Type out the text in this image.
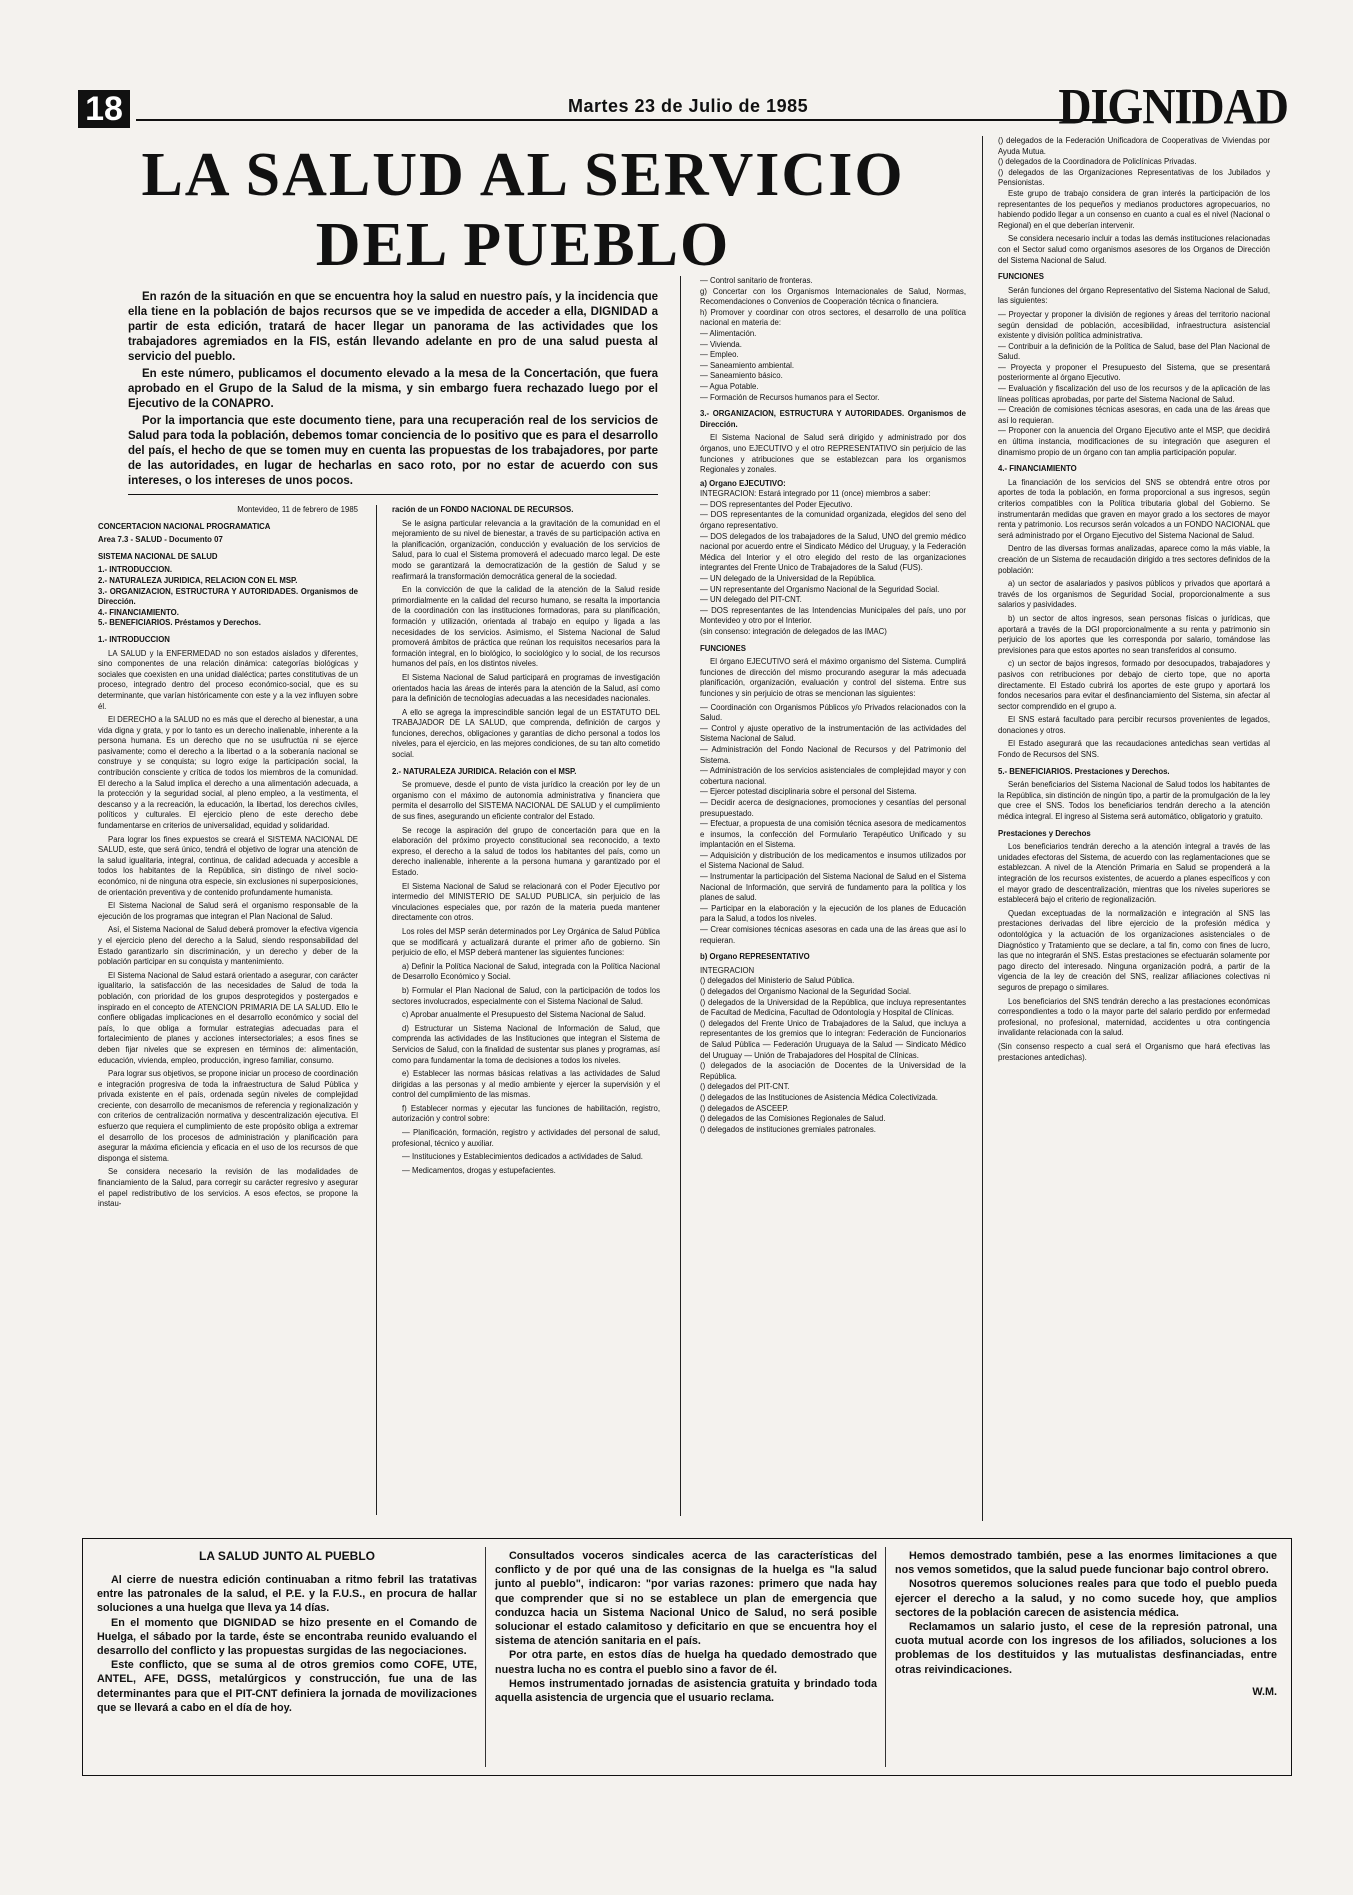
18	Martes 23 de Julio de 1985	DIGNIDAD
LA SALUD AL SERVICIO DEL PUEBLO

En razón de la situación en que se encuentra hoy la salud en nuestro país, y la incidencia que ella tiene en la población de bajos recursos que se ve impedida de acceder a ella, DIGNIDAD a partir de esta edición, tratará de hacer llegar un panorama de las actividades que los trabajadores agremiados en la FIS, están llevando adelante en pro de una salud puesta al servicio del pueblo.

En este número, publicamos el documento elevado a la mesa de la Concertación, que fuera aprobado en el Grupo de la Salud de la misma, y sin embargo fuera rechazado luego por el Ejecutivo de la CONAPRO.

Por la importancia que este documento tiene, para una recuperación real de los servicios de Salud para toda la población, debemos tomar conciencia de lo positivo que es para el desarrollo del país, el hecho de que se tomen muy en cuenta las propuestas de los trabajadores, por parte de las autoridades, en lugar de hecharlas en saco roto, por no estar de acuerdo con sus intereses, o los intereses de unos pocos.

Montevideo, 11 de febrero de 1985

CONCERTACION NACIONAL PROGRAMATICA

Area 7.3 - SALUD - Documento 07

SISTEMA NACIONAL DE SALUD

1.- INTRODUCCION.

2.- NATURALEZA JURIDICA, RELACION CON EL MSP.

3.- ORGANIZACION, ESTRUCTURA Y AUTORIDADES. Organismos de Dirección.

4.- FINANCIAMIENTO.

5.- BENEFICIARIOS. Préstamos y Derechos.

1.- INTRODUCCION

LA SALUD y la ENFERMEDAD no son estados aislados y diferentes, sino componentes de una relación dinámica: categorías biológicas y sociales que coexisten en una unidad dialéctica; partes constitutivas de un proceso, integrado dentro del proceso económico-social, que es su determinante, que varían históricamente con este y a la vez influyen sobre él.

El DERECHO a la SALUD no es más que el derecho al bienestar, a una vida digna y grata, y por lo tanto es un derecho inalienable, inherente a la persona humana. Es un derecho que no se usufructúa ni se ejerce pasivamente; como el derecho a la libertad o a la soberanía nacional se construye y se conquista; su logro exige la participación social, la contribución consciente y crítica de todos los miembros de la comunidad. El derecho a la Salud implica el derecho a una alimentación adecuada, a la protección y la seguridad social, al pleno empleo, a la vestimenta, el descanso y a la recreación, la educación, la libertad, los derechos civiles, políticos y culturales. El ejercicio pleno de este derecho debe fundamentarse en criterios de universalidad, equidad y solidaridad.

Para lograr los fines expuestos se creará el SISTEMA NACIONAL DE SALUD, este, que será único, tendrá el objetivo de lograr una atención de la salud igualitaria, integral, continua, de calidad adecuada y accesible a todos los habitantes de la República, sin distingo de nivel socio-económico, ni de ninguna otra especie, sin exclusiones ni superposiciones, de orientación preventiva y de contenido profundamente humanista.

El Sistema Nacional de Salud será el organismo responsable de la ejecución de los programas que integran el Plan Nacional de Salud.

Así, el Sistema Nacional de Salud deberá promover la efectiva vigencia y el ejercicio pleno del derecho a la Salud, siendo responsabilidad del Estado garantizarlo sin discriminación, y un derecho y deber de la población participar en su conquista y mantenimiento.

El Sistema Nacional de Salud estará orientado a asegurar, con carácter igualitario, la satisfacción de las necesidades de Salud de toda la población, con prioridad de los grupos desprotegidos y postergados e inspirado en el concepto de ATENCION PRIMARIA DE LA SALUD. Ello le confiere obligadas implicaciones en el desarrollo económico y social del país, lo que obliga a formular estrategias adecuadas para el fortalecimiento de planes y acciones intersectoriales; a esos fines se deben fijar niveles que se expresen en términos de: alimentación, educación, vivienda, empleo, producción, ingreso familiar, consumo.

Para lograr sus objetivos, se propone iniciar un proceso de coordinación e integración progresiva de toda la infraestructura de Salud Pública y privada existente en el país, ordenada según niveles de complejidad creciente, con desarrollo de mecanismos de referencia y regionalización y con criterios de centralización normativa y descentralización ejecutiva. El esfuerzo que requiera el cumplimiento de este propósito obliga a extremar el desarrollo de los procesos de administración y planificación para asegurar la máxima eficiencia y eficacia en el uso de los recursos de que disponga el sistema.

Se considera necesario la revisión de las modalidades de financiamiento de la Salud, para corregir su carácter regresivo y asegurar el papel redistributivo de los servicios. A esos efectos, se propone la instau-

ración de un FONDO NACIONAL DE RECURSOS.

Se le asigna particular relevancia a la gravitación de la comunidad en el mejoramiento de su nivel de bienestar, a través de su participación activa en la planificación, organización, conducción y evaluación de los servicios de Salud, para lo cual el Sistema promoverá el adecuado marco legal. De este modo se garantizará la democratización de la gestión de Salud y se reafirmará la transformación democrática general de la sociedad.

En la convicción de que la calidad de la atención de la Salud reside primordialmente en la calidad del recurso humano, se resalta la importancia de la coordinación con las instituciones formadoras, para su planificación, formación y utilización, orientada al trabajo en equipo y ligada a las necesidades de los servicios. Asimismo, el Sistema Nacional de Salud promoverá ámbitos de práctica que reúnan los requisitos necesarios para la formación integral, en lo biológico, lo sociológico y lo social, de los recursos humanos del país, en los distintos niveles.

El Sistema Nacional de Salud participará en programas de investigación orientados hacia las áreas de interés para la atención de la Salud, así como para la definición de tecnologías adecuadas a las necesidades nacionales.

A ello se agrega la imprescindible sanción legal de un ESTATUTO DEL TRABAJADOR DE LA SALUD, que comprenda, definición de cargos y funciones, derechos, obligaciones y garantías de dicho personal a todos los niveles, para el ejercicio, en las mejores condiciones, de su tan alto cometido social.

2.- NATURALEZA JURIDICA. Relación con el MSP.

Se promueve, desde el punto de vista jurídico la creación por ley de un organismo con el máximo de autonomía administrativa y financiera que permita el desarrollo del SISTEMA NACIONAL DE SALUD y el cumplimiento de sus fines, asegurando un eficiente contralor del Estado.

Se recoge la aspiración del grupo de concertación para que en la elaboración del próximo proyecto constitucional sea reconocido, a texto expreso, el derecho a la salud de todos los habitantes del país, como un derecho inalienable, inherente a la persona humana y garantizado por el Estado.

El Sistema Nacional de Salud se relacionará con el Poder Ejecutivo por intermedio del MINISTERIO DE SALUD PUBLICA, sin perjuicio de las vinculaciones especiales que, por razón de la materia pueda mantener directamente con otros.

Los roles del MSP serán determinados por Ley Orgánica de Salud Pública que se modificará y actualizará durante el primer año de gobierno. Sin perjuicio de ello, el MSP deberá mantener las siguientes funciones:

a) Definir la Política Nacional de Salud, integrada con la Política Nacional de Desarrollo Económico y Social.

b) Formular el Plan Nacional de Salud, con la participación de todos los sectores involucrados, especialmente con el Sistema Nacional de Salud.

c) Aprobar anualmente el Presupuesto del Sistema Nacional de Salud.

d) Estructurar un Sistema Nacional de Información de Salud, que comprenda las actividades de las Instituciones que integran el Sistema de Servicios de Salud, con la finalidad de sustentar sus planes y programas, así como para fundamentar la toma de decisiones a todos los niveles.

e) Establecer las normas básicas relativas a las actividades de Salud dirigidas a las personas y al medio ambiente y ejercer la supervisión y el control del cumplimiento de las mismas.

f) Establecer normas y ejecutar las funciones de habilitación, registro, autorización y control sobre:

— Planificación, formación, registro y actividades del personal de salud, profesional, técnico y auxiliar.

— Instituciones y Establecimientos dedicados a actividades de Salud.

— Medicamentos, drogas y estupefacientes.

— Control sanitario de fronteras.

g) Concertar con los Organismos Internacionales de Salud, Normas, Recomendaciones o Convenios de Cooperación técnica o financiera.

h) Promover y coordinar con otros sectores, el desarrollo de una política nacional en materia de:

— Alimentación.

— Vivienda.

— Empleo.

— Saneamiento ambiental.

— Saneamiento básico.

— Agua Potable.

— Formación de Recursos humanos para el Sector.

3.- ORGANIZACION, ESTRUCTURA Y AUTORIDADES. Organismos de Dirección.

El Sistema Nacional de Salud será dirigido y administrado por dos órganos, uno EJECUTIVO y el otro REPRESENTATIVO sin perjuicio de las funciones y atribuciones que se establezcan para los organismos Regionales y zonales.

a) Organo EJECUTIVO:

INTEGRACION: Estará integrado por 11 (once) miembros a saber:

— DOS representantes del Poder Ejecutivo.

— DOS representantes de la comunidad organizada, elegidos del seno del órgano representativo.

— DOS delegados de los trabajadores de la Salud, UNO del gremio médico nacional por acuerdo entre el Sindicato Médico del Uruguay, y la Federación Médica del Interior y el otro elegido del resto de las organizaciones integrantes del Frente Unico de Trabajadores de la Salud (FUS).

— UN delegado de la Universidad de la República.

— UN representante del Organismo Nacional de la Seguridad Social.

— UN delegado del PIT-CNT.

— DOS representantes de las Intendencias Municipales del país, uno por Montevideo y otro por el Interior.

(sin consenso: integración de delegados de las IMAC)

FUNCIONES

El órgano EJECUTIVO será el máximo organismo del Sistema. Cumplirá funciones de dirección del mismo procurando asegurar la más adecuada planificación, organización, evaluación y control del sistema. Entre sus funciones y sin perjuicio de otras se mencionan las siguientes:

— Coordinación con Organismos Públicos y/o Privados relacionados con la Salud.

— Control y ajuste operativo de la instrumentación de las actividades del Sistema Nacional de Salud.

— Administración del Fondo Nacional de Recursos y del Patrimonio del Sistema.

— Administración de los servicios asistenciales de complejidad mayor y con cobertura nacional.

— Ejercer potestad disciplinaria sobre el personal del Sistema.

— Decidir acerca de designaciones, promociones y cesantías del personal presupuestado.

— Efectuar, a propuesta de una comisión técnica asesora de medicamentos e insumos, la confección del Formulario Terapéutico Unificado y su implantación en el Sistema.

— Adquisición y distribución de los medicamentos e insumos utilizados por el Sistema Nacional de Salud.

— Instrumentar la participación del Sistema Nacional de Salud en el Sistema Nacional de Información, que servirá de fundamento para la política y los planes de salud.

— Participar en la elaboración y la ejecución de los planes de Educación para la Salud, a todos los niveles.

— Crear comisiones técnicas asesoras en cada una de las áreas que así lo requieran.

b) Organo REPRESENTATIVO

INTEGRACION

() delegados del Ministerio de Salud Pública.

() delegados del Organismo Nacional de la Seguridad Social.

() delegados de la Universidad de la República, que incluya representantes de Facultad de Medicina, Facultad de Odontología y Hospital de Clínicas.

() delegados del Frente Unico de Trabajadores de la Salud, que incluya a representantes de los gremios que lo integran: Federación de Funcionarios de Salud Pública — Federación Uruguaya de la Salud — Sindicato Médico del Uruguay — Unión de Trabajadores del Hospital de Clínicas.

() delegados de la asociación de Docentes de la Universidad de la República.

() delegados del PIT-CNT.

() delegados de las Instituciones de Asistencia Médica Colectivizada.

() delegados de ASCEEP.

() delegados de las Comisiones Regionales de Salud.

() delegados de instituciones gremiales patronales.

() delegados de la Federación Unificadora de Cooperativas de Viviendas por Ayuda Mutua.

() delegados de la Coordinadora de Policlínicas Privadas.

() delegados de las Organizaciones Representativas de los Jubilados y Pensionistas.

Este grupo de trabajo considera de gran interés la participación de los representantes de los pequeños y medianos productores agropecuarios, no habiendo podido llegar a un consenso en cuanto a cual es el nivel (Nacional o Regional) en el que deberían intervenir.

Se considera necesario incluir a todas las demás instituciones relacionadas con el Sector salud como organismos asesores de los Organos de Dirección del Sistema Nacional de Salud.

FUNCIONES

Serán funciones del órgano Representativo del Sistema Nacional de Salud, las siguientes:

— Proyectar y proponer la división de regiones y áreas del territorio nacional según densidad de población, accesibilidad, infraestructura asistencial existente y división política administrativa.

— Contribuir a la definición de la Política de Salud, base del Plan Nacional de Salud.

— Proyecta y proponer el Presupuesto del Sistema, que se presentará posteriormente al órgano Ejecutivo.

— Evaluación y fiscalización del uso de los recursos y de la aplicación de las líneas políticas aprobadas, por parte del Sistema Nacional de Salud.

— Creación de comisiones técnicas asesoras, en cada una de las áreas que así lo requieran.

— Proponer con la anuencia del Organo Ejecutivo ante el MSP, que decidirá en última instancia, modificaciones de su integración que aseguren el dinamismo propio de un órgano con tan amplia participación popular.

4.- FINANCIAMIENTO

La financiación de los servicios del SNS se obtendrá entre otros por aportes de toda la población, en forma proporcional a sus ingresos, según criterios compatibles con la Política tributaria global del Gobierno. Se instrumentarán medidas que graven en mayor grado a los sectores de mayor renta y patrimonio. Los recursos serán volcados a un FONDO NACIONAL que será administrado por el Organo Ejecutivo del Sistema Nacional de Salud.

Dentro de las diversas formas analizadas, aparece como la más viable, la creación de un Sistema de recaudación dirigido a tres sectores definidos de la población:

a) un sector de asalariados y pasivos públicos y privados que aportará a través de los organismos de Seguridad Social, proporcionalmente a sus salarios y pasividades.

b) un sector de altos ingresos, sean personas físicas o jurídicas, que aportará a través de la DGI proporcionalmente a su renta y patrimonio sin perjuicio de los aportes que les corresponda por salario, tomándose las previsiones para que estos aportes no sean transferidos al consumo.

c) un sector de bajos ingresos, formado por desocupados, trabajadores y pasivos con retribuciones por debajo de cierto tope, que no aporta directamente. El Estado cubrirá los aportes de este grupo y aportará los fondos necesarios para evitar el desfinanciamiento del Sistema, sin afectar al sector comprendido en el grupo a.

El SNS estará facultado para percibir recursos provenientes de legados, donaciones y otros.

El Estado asegurará que las recaudaciones antedichas sean vertidas al Fondo de Recursos del SNS.

5.- BENEFICIARIOS. Prestaciones y Derechos.

Serán beneficiarios del Sistema Nacional de Salud todos los habitantes de la República, sin distinción de ningún tipo, a partir de la promulgación de la ley que cree el SNS. Todos los beneficiarios tendrán derecho a la atención médica integral. El ingreso al Sistema será automático, obligatorio y gratuito.

Prestaciones y Derechos

Los beneficiarios tendrán derecho a la atención integral a través de las unidades efectoras del Sistema, de acuerdo con las reglamentaciones que se establezcan. A nivel de la Atención Primaria en Salud se propenderá a la integración de los recursos existentes, de acuerdo a planes específicos y con el mayor grado de descentralización, mientras que los niveles superiores se establecerá bajo el criterio de regionalización.

Quedan exceptuadas de la normalización e integración al SNS las prestaciones derivadas del libre ejercicio de la profesión médica y odontológica y la actuación de los organizaciones asistenciales o de Diagnóstico y Tratamiento que se declare, a tal fin, como con fines de lucro, las que no integrarán el SNS. Estas prestaciones se efectuarán solamente por pago directo del interesado. Ninguna organización podrá, a partir de la vigencia de la ley de creación del SNS, realizar afiliaciones colectivas ni seguros de prepago o similares.

Los beneficiarios del SNS tendrán derecho a las prestaciones económicas correspondientes a todo o la mayor parte del salario perdido por enfermedad profesional, no profesional, maternidad, accidentes u otra contingencia invalidante relacionada con la salud.

(Sin consenso respecto a cual será el Organismo que hará efectivas las prestaciones antedichas).

LA SALUD JUNTO AL PUEBLO

Al cierre de nuestra edición continuaban a ritmo febril las tratativas entre las patronales de la salud, el P.E. y la F.U.S., en procura de hallar soluciones a una huelga que lleva ya 14 días.

En el momento que DIGNIDAD se hizo presente en el Comando de Huelga, el sábado por la tarde, éste se encontraba reunido evaluando el desarrollo del conflicto y las propuestas surgidas de las negociaciones.

Este conflicto, que se suma al de otros gremios como COFE, UTE, ANTEL, AFE, DGSS, metalúrgicos y construcción, fue una de las determinantes para que el PIT-CNT definiera la jornada de movilizaciones que se llevará a cabo en el día de hoy.

Consultados voceros sindicales acerca de las características del conflicto y de por qué una de las consignas de la huelga es "la salud junto al pueblo", indicaron: "por varias razones: primero que nada hay que comprender que si no se establece un plan de emergencia que conduzca hacia un Sistema Nacional Unico de Salud, no será posible solucionar el estado calamitoso y deficitario en que se encuentra hoy el sistema de atención sanitaria en el país.

Por otra parte, en estos días de huelga ha quedado demostrado que nuestra lucha no es contra el pueblo sino a favor de él.

Hemos instrumentado jornadas de asistencia gratuita y brindado toda aquella asistencia de urgencia que el usuario reclama.

Hemos demostrado también, pese a las enormes limitaciones a que nos vemos sometidos, que la salud puede funcionar bajo control obrero.

Nosotros queremos soluciones reales para que todo el pueblo pueda ejercer el derecho a la salud, y no como sucede hoy, que amplios sectores de la población carecen de asistencia médica.

Reclamamos un salario justo, el cese de la represión patronal, una cuota mutual acorde con los ingresos de los afiliados, soluciones a los problemas de los destituidos y las mutualistas desfinanciadas, entre otras reivindicaciones.

W.M.
